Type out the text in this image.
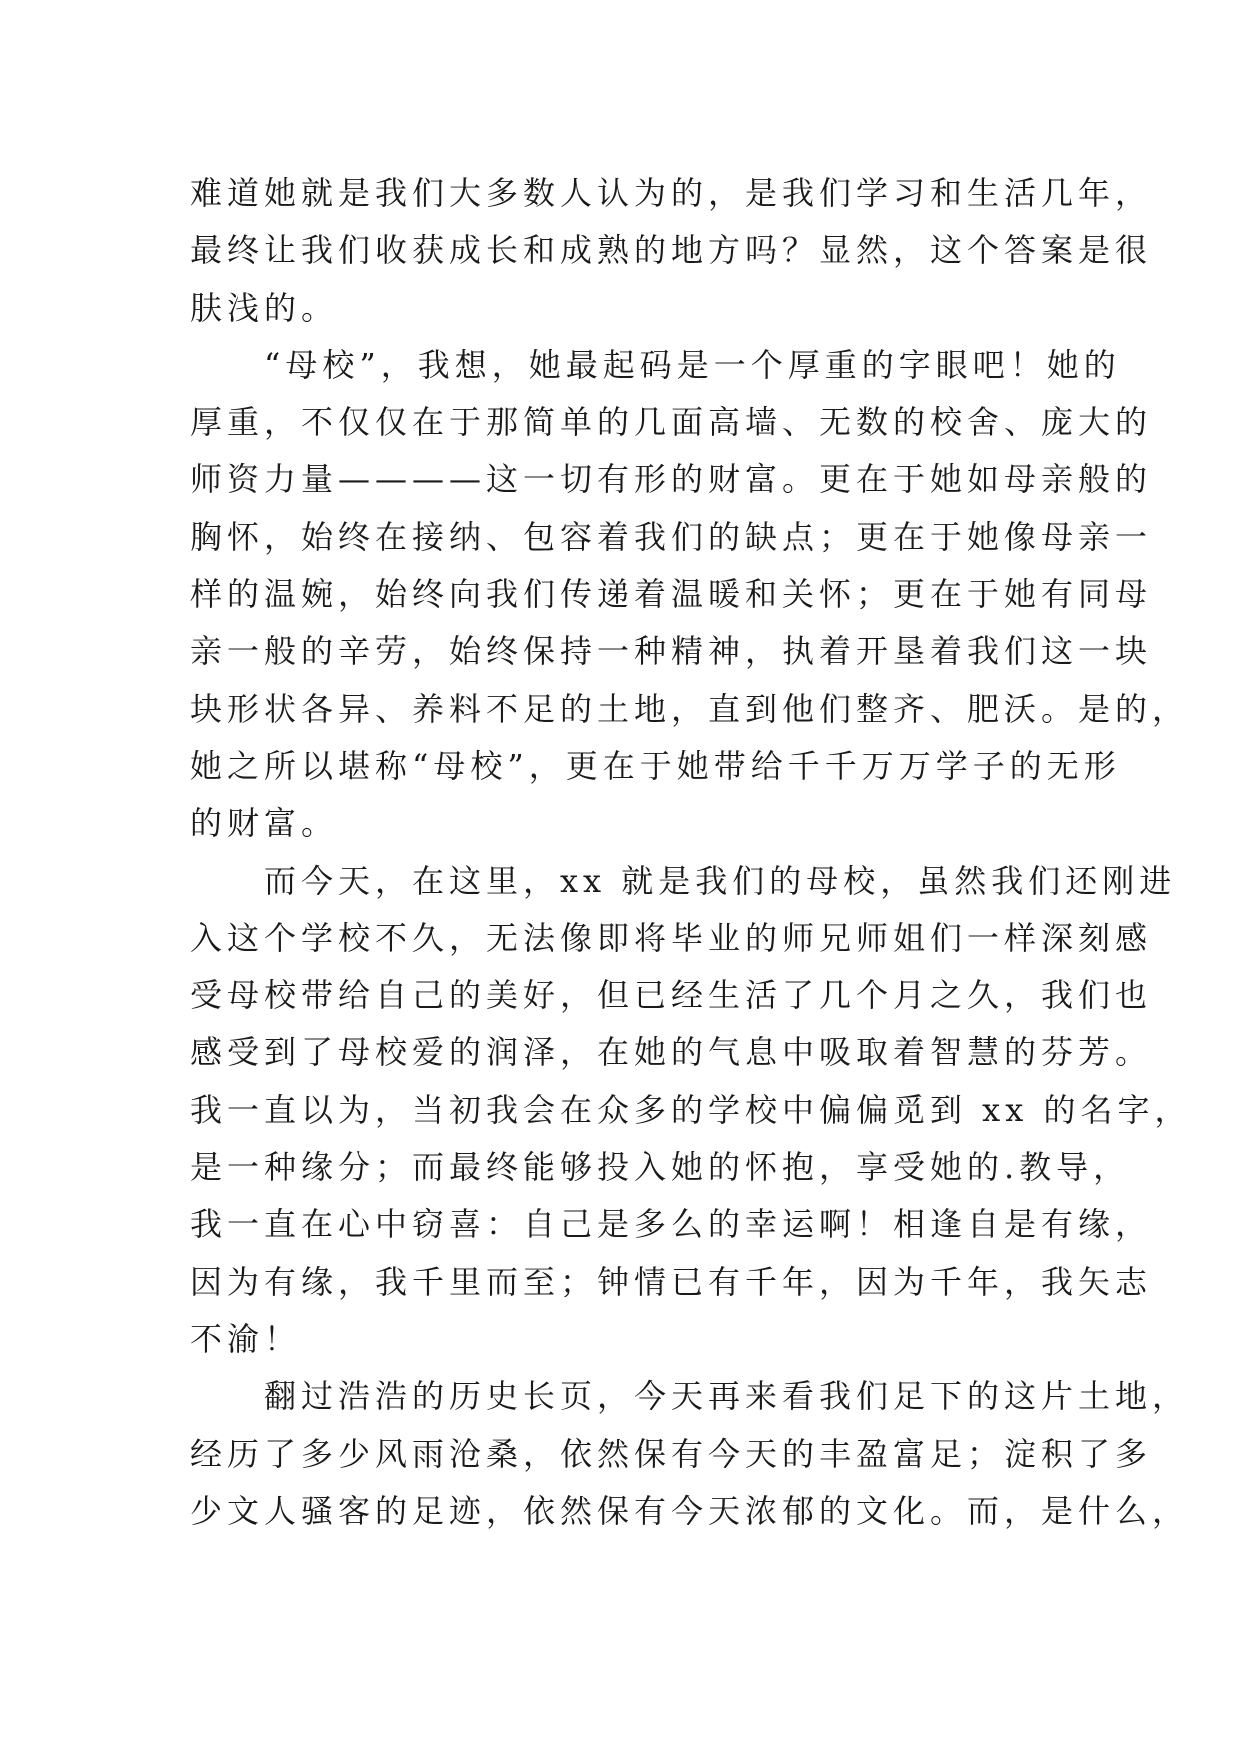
难道她就是我们大多数人认为的，是我们学习和生活几年，
最终让我们收获成长和成熟的地方吗？显然，这个答案是很
肤浅的。
　　“母校”，我想，她最起码是一个厚重的字眼吧！她的
厚重，不仅仅在于那简单的几面高墙、无数的校舍、庞大的
师资力量————这一切有形的财富。更在于她如母亲般的
胸怀，始终在接纳、包容着我们的缺点；更在于她像母亲一
样的温婉，始终向我们传递着温暖和关怀；更在于她有同母
亲一般的辛劳，始终保持一种精神，执着开垦着我们这一块
块形状各异、养料不足的土地，直到他们整齐、肥沃。是的，
她之所以堪称“母校”，更在于她带给千千万万学子的无形
的财富。
　　而今天，在这里，xx 就是我们的母校，虽然我们还刚进
入这个学校不久，无法像即将毕业的师兄师姐们一样深刻感
受母校带给自己的美好，但已经生活了几个月之久，我们也
感受到了母校爱的润泽，在她的气息中吸取着智慧的芬芳。
我一直以为，当初我会在众多的学校中偏偏觅到 xx 的名字，
是一种缘分；而最终能够投入她的怀抱，享受她的.教导，
我一直在心中窃喜：自己是多么的幸运啊！相逢自是有缘，
因为有缘，我千里而至；钟情已有千年，因为千年，我矢志
不渝！
　　翻过浩浩的历史长页，今天再来看我们足下的这片土地，
经历了多少风雨沧桑，依然保有今天的丰盈富足；淀积了多
少文人骚客的足迹，依然保有今天浓郁的文化。而，是什么，
